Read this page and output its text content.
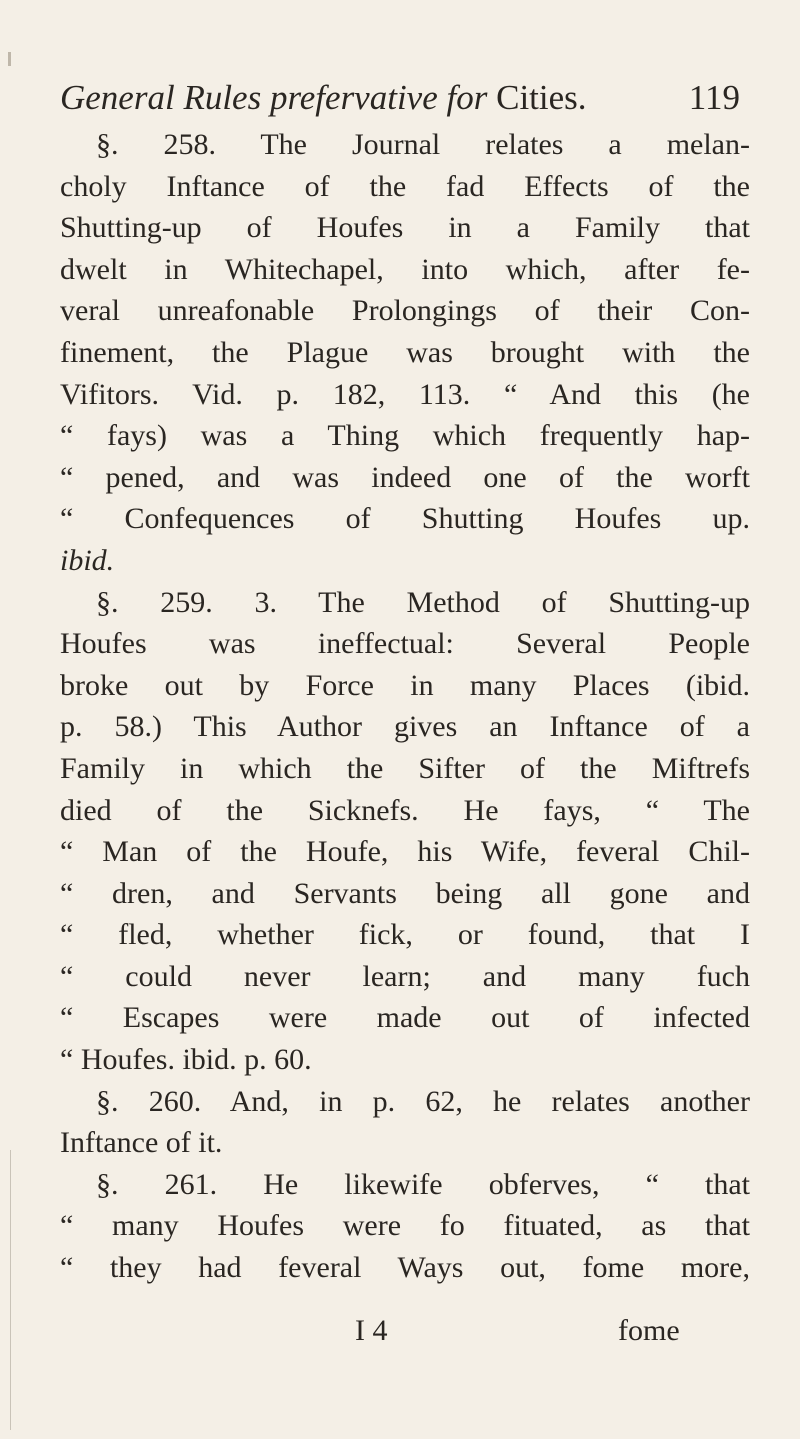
General Rules prefervative for Cities.	119
§. 258. The Journal relates a melan-
choly Inftance of the fad Effects of the
Shutting-up of Houfes in a Family that
dwelt in Whitechapel, into which, after fe-
veral unreafonable Prolongings of their Con-
finement, the Plague was brought with the
Vifitors. Vid. p. 182, 113. “ And this (he
“ fays) was a Thing which frequently hap-
“ pened, and was indeed one of the worft
“ Confequences of Shutting Houfes up.
ibid.
§. 259. 3. The Method of Shutting-up
Houfes was ineffectual: Several People
broke out by Force in many Places (ibid.
p. 58.) This Author gives an Inftance of a
Family in which the Sifter of the Miftrefs
died of the Sicknefs. He fays, “ The
“ Man of the Houfe, his Wife, feveral Chil-
“ dren, and Servants being all gone and
“ fled, whether fick, or found, that I
“ could never learn; and many fuch
“ Escapes were made out of infected
“ Houfes. ibid. p. 60.
§. 260. And, in p. 62, he relates another
Inftance of it.
§. 261. He likewife obferves, “ that
“ many Houfes were fo fituated, as that
“ they had feveral Ways out, fome more,
I 4	fome
